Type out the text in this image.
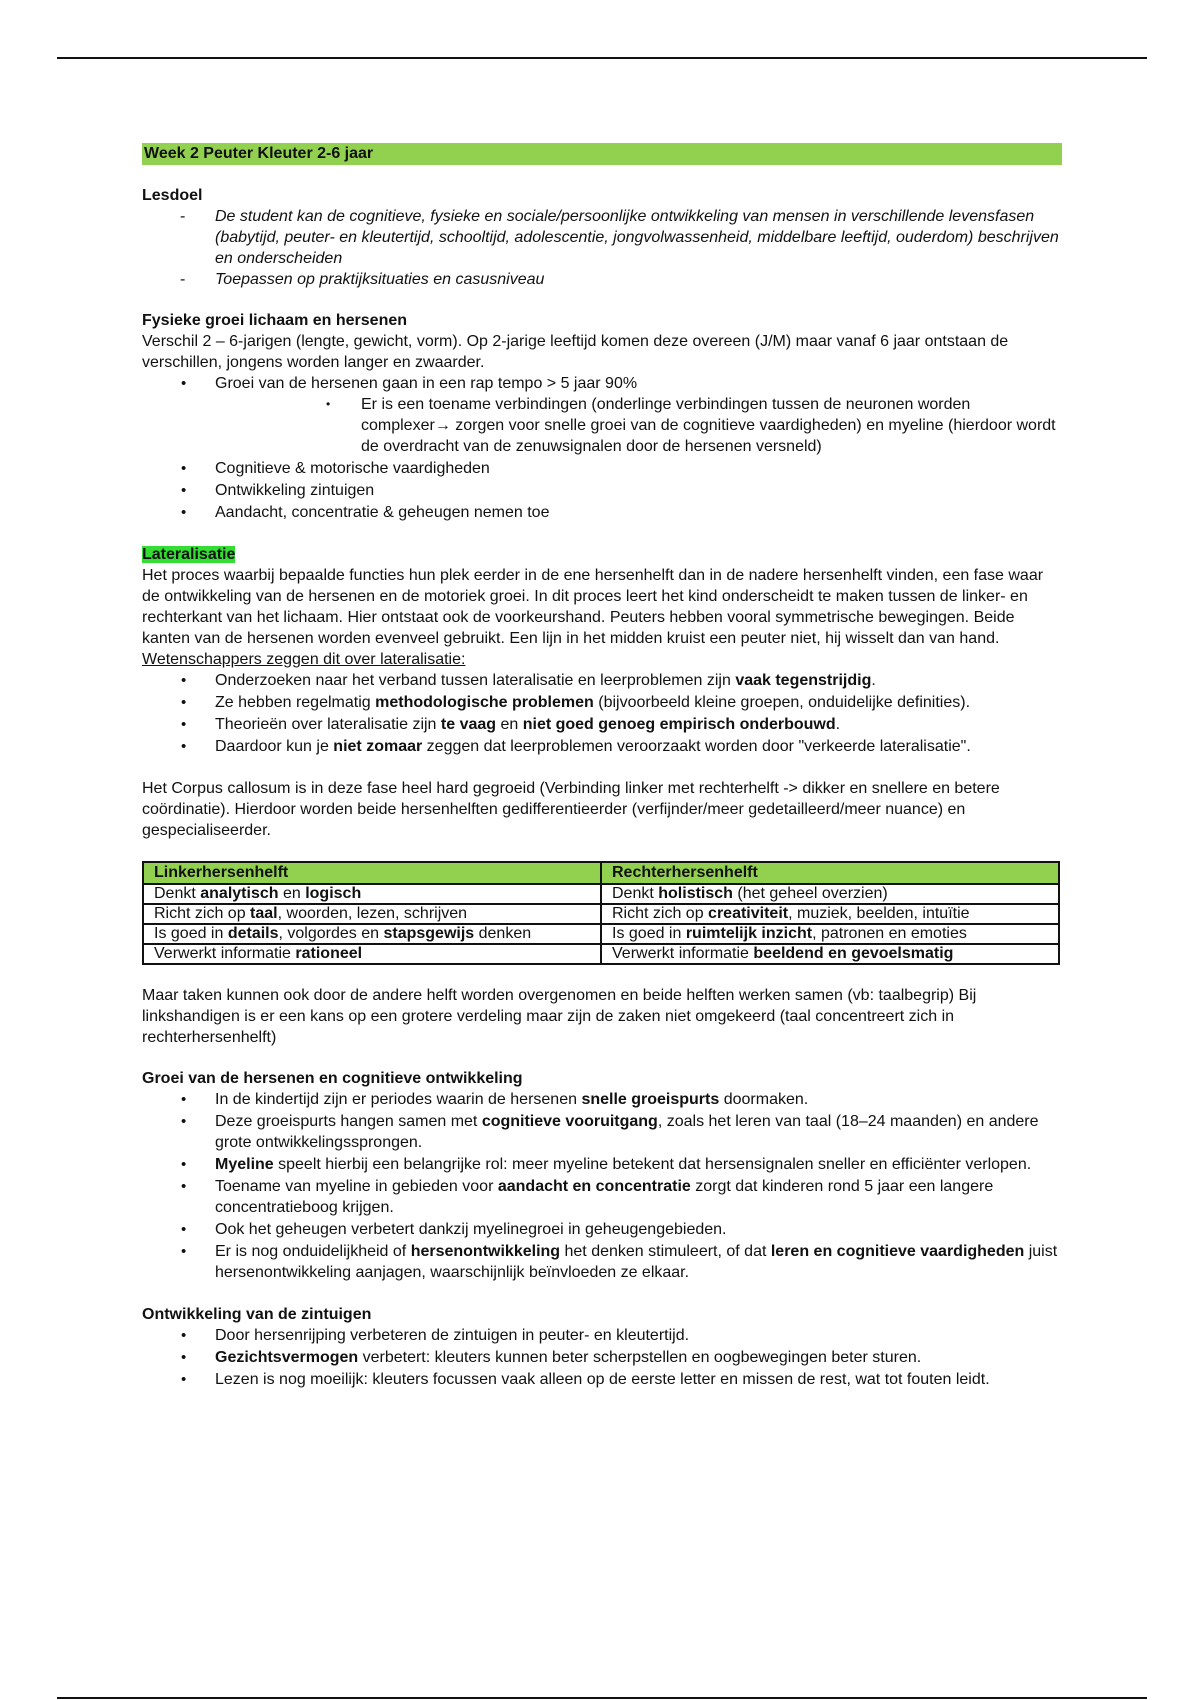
Week 2 Peuter Kleuter 2-6 jaar
Lesdoel
- De student kan de cognitieve, fysieke en sociale/persoonlijke ontwikkeling van mensen in verschillende levensfasen (babytijd, peuter- en kleutertijd, schooltijd, adolescentie, jongvolwassenheid, middelbare leeftijd, ouderdom) beschrijven en onderscheiden
- Toepassen op praktijksituaties en casusniveau
Fysieke groei lichaam en hersenen

Verschil 2 – 6-jarigen (lengte, gewicht, vorm). Op 2-jarige leeftijd komen deze overeen (J/M) maar vanaf 6 jaar ontstaan de verschillen, jongens worden langer en zwaarder.

• Groei van de hersenen gaan in een rap tempo > 5 jaar 90%
• Er is een toename verbindingen (onderlinge verbindingen tussen de neuronen worden complexer→ zorgen voor snelle groei van de cognitieve vaardigheden) en myeline (hierdoor wordt de overdracht van de zenuwsignalen door de hersenen versneld)
• Cognitieve & motorische vaardigheden
• Ontwikkeling zintuigen
• Aandacht, concentratie & geheugen nemen toe

Lateralisatie

Het proces waarbij bepaalde functies hun plek eerder in de ene hersenhelft dan in de nadere hersenhelft vinden, een fase waar de ontwikkeling van de hersenen en de motoriek groei. In dit proces leert het kind onderscheidt te maken tussen de linker- en rechterkant van het lichaam. Hier ontstaat ook de voorkeurshand. Peuters hebben vooral symmetrische bewegingen. Beide kanten van de hersenen worden evenveel gebruikt. Een lijn in het midden kruist een peuter niet, hij wisselt dan van hand.

Wetenschappers zeggen dit over lateralisatie:

• Onderzoeken naar het verband tussen lateralisatie en leerproblemen zijn vaak tegenstrijdig.
• Ze hebben regelmatig methodologische problemen (bijvoorbeeld kleine groepen, onduidelijke definities).
• Theorieën over lateralisatie zijn te vaag en niet goed genoeg empirisch onderbouwd.
• Daardoor kun je niet zomaar zeggen dat leerproblemen veroorzaakt worden door "verkeerde lateralisatie".

Het Corpus callosum is in deze fase heel hard gegroeid (Verbinding linker met rechterhelft -> dikker en snellere en betere coördinatie). Hierdoor worden beide hersenhelften gedifferentieerder (verfijnder/meer gedetailleerd/meer nuance) en gespecialiseerder.

Linkerhersenhelft	Rechterhersenhelft
Denkt analytisch en logisch	Denkt holistisch (het geheel overzien)
Richt zich op taal, woorden, lezen, schrijven	Richt zich op creativiteit, muziek, beelden, intuïtie
Is goed in details, volgordes en stapsgewijs denken	Is goed in ruimtelijk inzicht, patronen en emoties
Verwerkt informatie rationeel	Verwerkt informatie beeldend en gevoelsmatig

Maar taken kunnen ook door de andere helft worden overgenomen en beide helften werken samen (vb: taalbegrip) Bij linkshandigen is er een kans op een grotere verdeling maar zijn de zaken niet omgekeerd (taal concentreert zich in rechterhersenhelft)

Groei van de hersenen en cognitieve ontwikkeling
• In de kindertijd zijn er periodes waarin de hersenen snelle groeispurts doormaken.
• Deze groeispurts hangen samen met cognitieve vooruitgang, zoals het leren van taal (18–24 maanden) en andere grote ontwikkelingssprongen.
• Myeline speelt hierbij een belangrijke rol: meer myeline betekent dat hersensignalen sneller en efficiënter verlopen.
• Toename van myeline in gebieden voor aandacht en concentratie zorgt dat kinderen rond 5 jaar een langere concentratieboog krijgen.
• Ook het geheugen verbetert dankzij myelinegroei in geheugengebieden.
• Er is nog onduidelijkheid of hersenontwikkeling het denken stimuleert, of dat leren en cognitieve vaardigheden juist hersenontwikkeling aanjagen, waarschijnlijk beïnvloeden ze elkaar.
Ontwikkeling van de zintuigen
• Door hersenrijping verbeteren de zintuigen in peuter- en kleutertijd.
• Gezichtsvermogen verbetert: kleuters kunnen beter scherpstellen en oogbewegingen beter sturen.
• Lezen is nog moeilijk: kleuters focussen vaak alleen op de eerste letter en missen de rest, wat tot fouten leidt.
